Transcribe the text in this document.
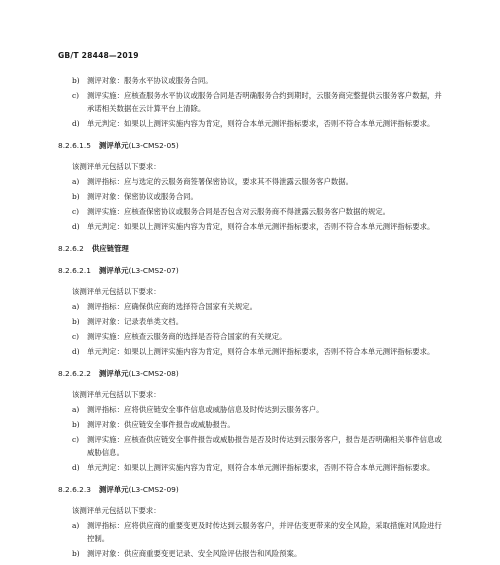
GB/T 28448—2019
b) 测评对象：服务水平协议或服务合同。
c) 测评实施：应核查服务水平协议或服务合同是否明确服务合约到期时，云服务商完整提供云服务客户数据，并承诺相关数据在云计算平台上清除。
d) 单元判定：如果以上测评实施内容为肯定，则符合本单元测评指标要求，否则不符合本单元测评指标要求。
8.2.6.1.5 测评单元(L3-CMS2-05)
该测评单元包括以下要求：
a) 测评指标：应与选定的云服务商签署保密协议，要求其不得泄露云服务客户数据。
b) 测评对象：保密协议或服务合同。
c) 测评实施：应核查保密协议或服务合同是否包含对云服务商不得泄露云服务客户数据的规定。
d) 单元判定：如果以上测评实施内容为肯定，则符合本单元测评指标要求，否则不符合本单元测评指标要求。
8.2.6.2 供应链管理
8.2.6.2.1 测评单元(L3-CMS2-07)
该测评单元包括以下要求：
a) 测评指标：应确保供应商的选择符合国家有关规定。
b) 测评对象：记录表单类文档。
c) 测评实施：应核查云服务商的选择是否符合国家的有关规定。
d) 单元判定：如果以上测评实施内容为肯定，则符合本单元测评指标要求，否则不符合本单元测评指标要求。
8.2.6.2.2 测评单元(L3-CMS2-08)
该测评单元包括以下要求：
a) 测评指标：应将供应链安全事件信息或威胁信息及时传达到云服务客户。
b) 测评对象：供应链安全事件报告或威胁报告。
c) 测评实施：应核查供应链安全事件报告或威胁报告是否及时传达到云服务客户，报告是否明确相关事件信息或威胁信息。
d) 单元判定：如果以上测评实施内容为肯定，则符合本单元测评指标要求，否则不符合本单元测评指标要求。
8.2.6.2.3 测评单元(L3-CMS2-09)
该测评单元包括以下要求：
a) 测评指标：应将供应商的重要变更及时传达到云服务客户，并评估变更带来的安全风险，采取措施对风险进行控制。
b) 测评对象：供应商重要变更记录、安全风险评估报告和风险预案。
